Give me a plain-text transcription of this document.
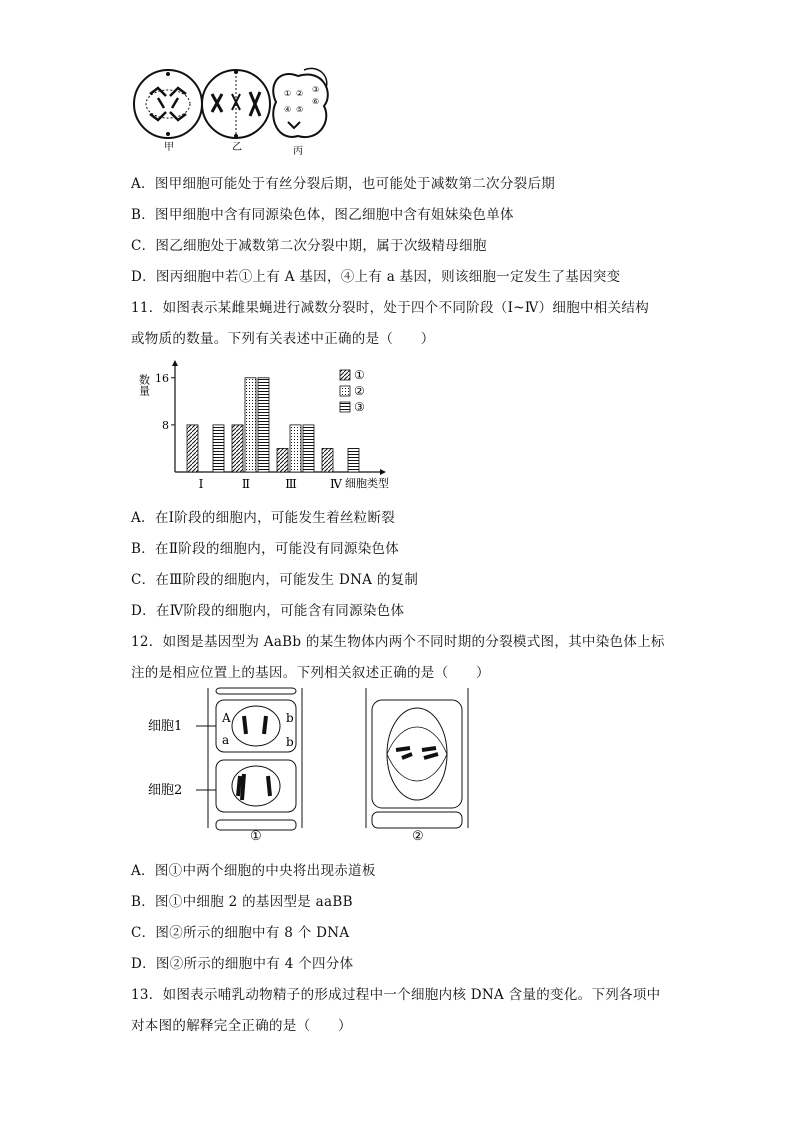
① ②
④ ⑤
⑥
③
甲	乙	丙
A．图甲细胞可能处于有丝分裂后期，也可能处于减数第二次分裂后期
B．图甲细胞中含有同源染色体，图乙细胞中含有姐妹染色单体
C．图乙细胞处于减数第二次分裂中期，属于次级精母细胞
D．图丙细胞中若①上有 A 基因，④上有 a 基因，则该细胞一定发生了基因突变
11．如图表示某雌果蝇进行减数分裂时，处于四个不同阶段（Ⅰ~Ⅳ）细胞中相关结构
或物质的数量。下列有关表述中正确的是（　　）
数量
8
16
Ⅰ	Ⅱ	Ⅲ	Ⅳ 细胞类型
①
②
③
A．在Ⅰ阶段的细胞内，可能发生着丝粒断裂
B．在Ⅱ阶段的细胞内，可能没有同源染色体
C．在Ⅲ阶段的细胞内，可能发生 DNA 的复制
D．在Ⅳ阶段的细胞内，可能含有同源染色体
12．如图是基因型为 AaBb 的某生物体内两个不同时期的分裂模式图，其中染色体上标
注的是相应位置上的基因。下列相关叙述正确的是（　　）
细胞1
细胞2
A
a
b
b
①	②
A．图①中两个细胞的中央将出现赤道板
B．图①中细胞 2 的基因型是 aaBB
C．图②所示的细胞中有 8 个 DNA
D．图②所示的细胞中有 4 个四分体
13．如图表示哺乳动物精子的形成过程中一个细胞内核 DNA 含量的变化。下列各项中
对本图的解释完全正确的是（　　）
